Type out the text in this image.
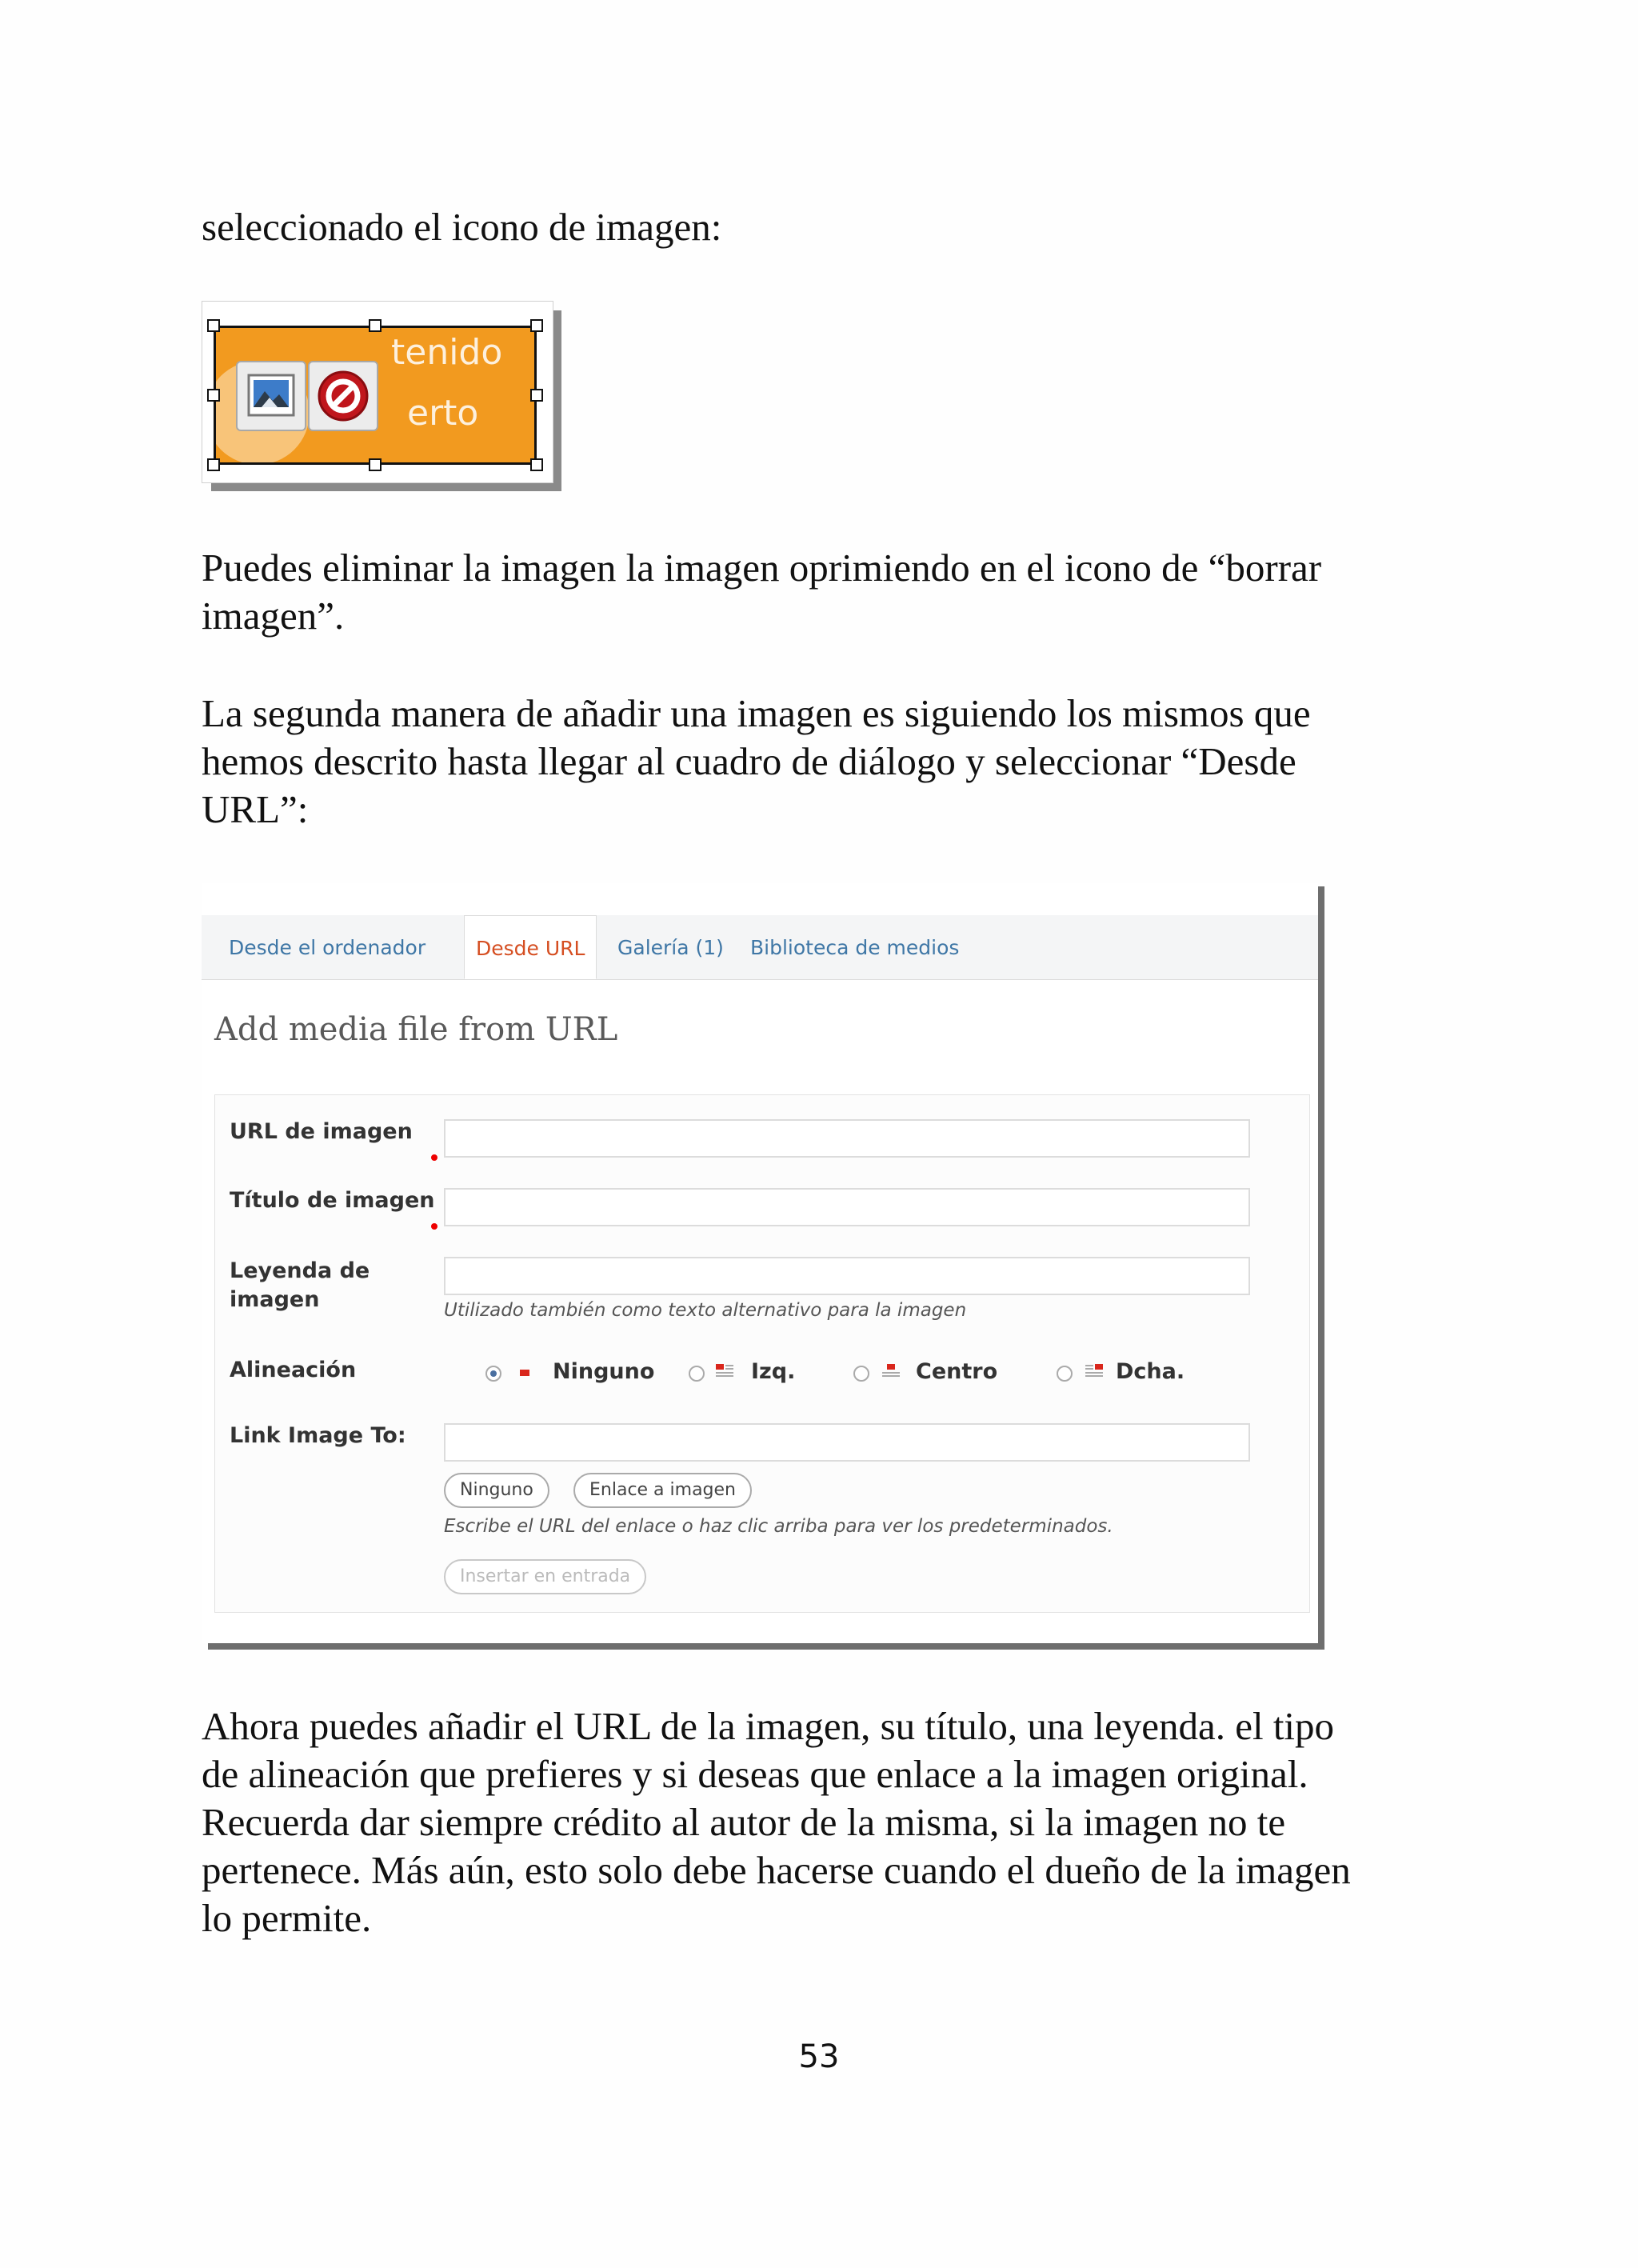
seleccionado el icono de imagen:

tenido
erto

Puedes eliminar la imagen la imagen oprimiendo en el icono de “borrar
imagen”.

La segunda manera de añadir una imagen es siguiendo los mismos que
hemos descrito hasta llegar al cuadro de diálogo y seleccionar “Desde
URL”:

Desde el ordenador	Desde URL	Galería (1) Biblioteca de medios
Add media file from URL
URL de imagen
Título de imagen
Leyenda de
imagen	Utilizado también como texto alternativo para la imagen
Alineación	Ninguno	Izq.	Centro	Dcha.
Link Image To:
Ninguno	Enlace a imagen
Escribe el URL del enlace o haz clic arriba para ver los predeterminados.
Insertar en entrada

Ahora puedes añadir el URL de la imagen, su título, una leyenda. el tipo
de alineación que prefieres y si deseas que enlace a la imagen original.
Recuerda dar siempre crédito al autor de la misma, si la imagen no te
pertenece. Más aún, esto solo debe hacerse cuando el dueño de la imagen
lo permite.

53
